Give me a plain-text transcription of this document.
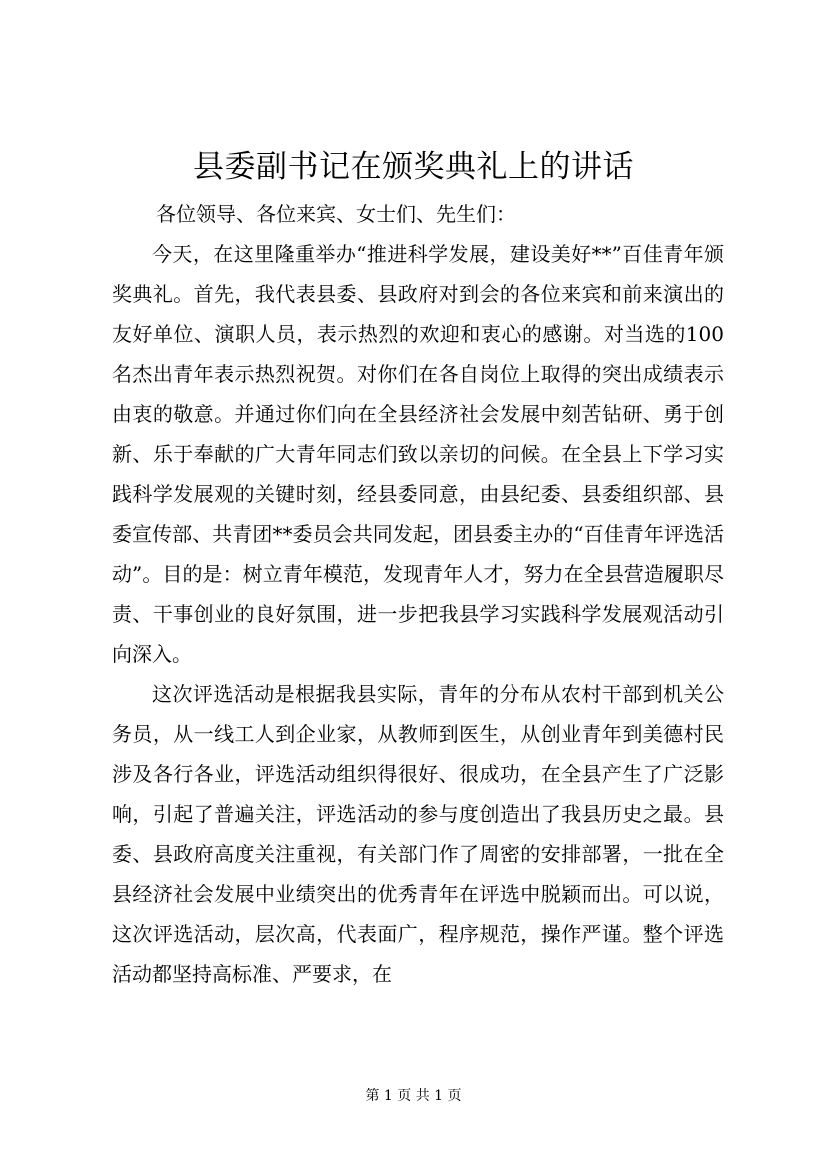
县委副书记在颁奖典礼上的讲话

各位领导、各位来宾、女士们、先生们：

今天，在这里隆重举办“推进科学发展，建设美好**”百佳青年颁奖典礼。首先，我代表县委、县政府对到会的各位来宾和前来演出的友好单位、演职人员，表示热烈的欢迎和衷心的感谢。对当选的100名杰出青年表示热烈祝贺。对你们在各自岗位上取得的突出成绩表示由衷的敬意。并通过你们向在全县经济社会发展中刻苦钻研、勇于创新、乐于奉献的广大青年同志们致以亲切的问候。在全县上下学习实践科学发展观的关键时刻，经县委同意，由县纪委、县委组织部、县委宣传部、共青团**委员会共同发起，团县委主办的“百佳青年评选活动”。目的是：树立青年模范，发现青年人才，努力在全县营造履职尽责、干事创业的良好氛围，进一步把我县学习实践科学发展观活动引向深入。

这次评选活动是根据我县实际，青年的分布从农村干部到机关公务员，从一线工人到企业家，从教师到医生，从创业青年到美德村民涉及各行各业，评选活动组织得很好、很成功，在全县产生了广泛影响，引起了普遍关注，评选活动的参与度创造出了我县历史之最。县委、县政府高度关注重视，有关部门作了周密的安排部署，一批在全县经济社会发展中业绩突出的优秀青年在评选中脱颖而出。可以说，这次评选活动，层次高，代表面广，程序规范，操作严谨。整个评选活动都坚持高标准、严要求，在

第 1 页 共 1 页
